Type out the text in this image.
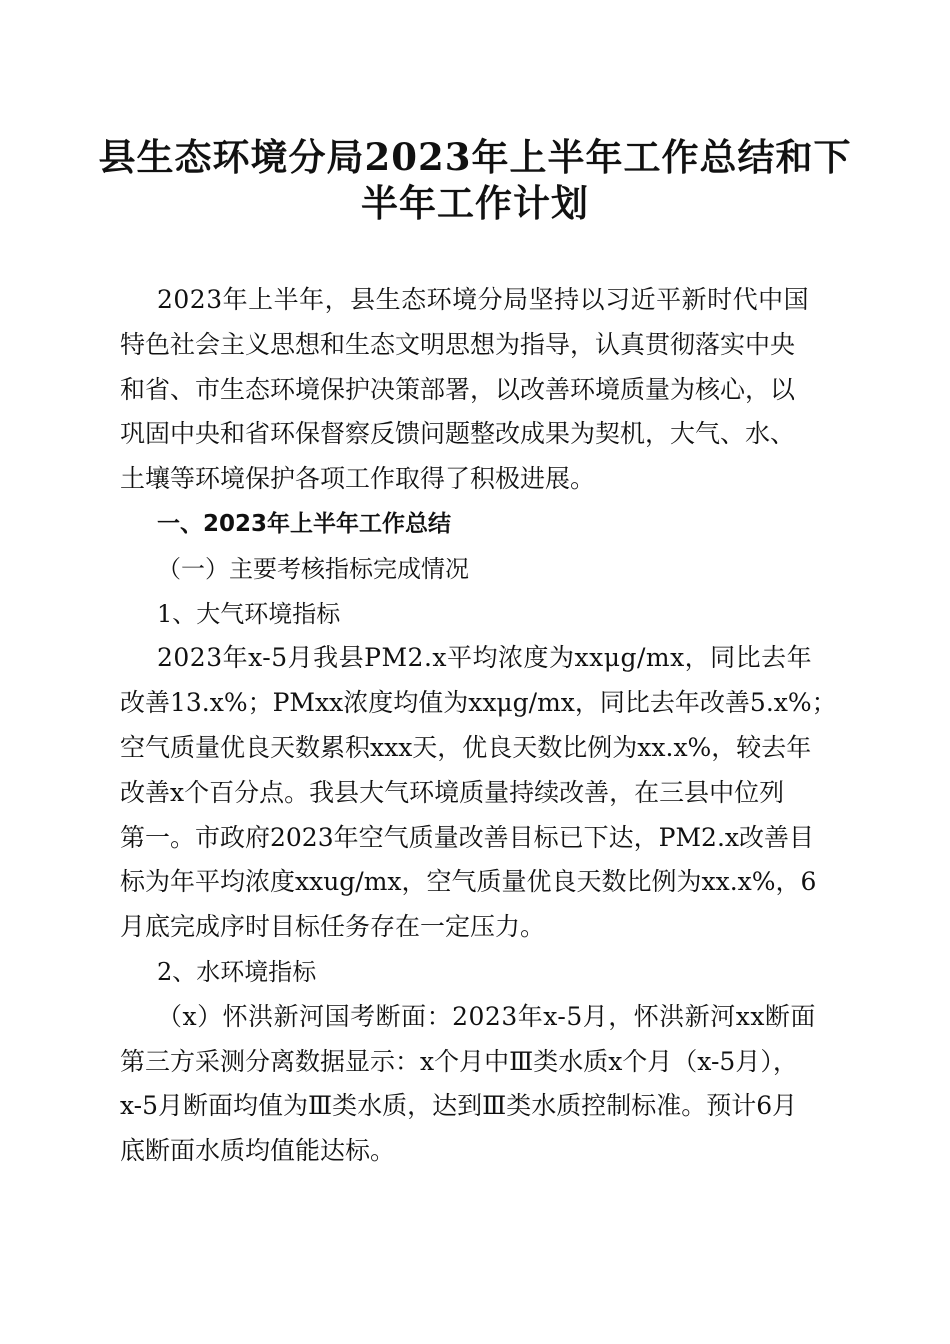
县生态环境分局2023年上半年工作总结和下
半年工作计划

2023年上半年，县生态环境分局坚持以习近平新时代中国

特色社会主义思想和生态文明思想为指导，认真贯彻落实中央
和省、市生态环境保护决策部署，以改善环境质量为核心，以
巩固中央和省环保督察反馈问题整改成果为契机，大气、水、
土壤等环境保护各项工作取得了积极进展。

一、2023年上半年工作总结

（一）主要考核指标完成情况

1、大气环境指标

2023年x-5月我县PM2.x平均浓度为xxμg/mx，同比去年

改善13.x%；PMxx浓度均值为xxμg/mx，同比去年改善5.x%；
空气质量优良天数累积xxx天，优良天数比例为xx.x%，较去年
改善x个百分点。我县大气环境质量持续改善，在三县中位列
第一。市政府2023年空气质量改善目标已下达，PM2.x改善目
标为年平均浓度xxug/mx，空气质量优良天数比例为xx.x%，6
月底完成序时目标任务存在一定压力。

2、水环境指标

（x）怀洪新河国考断面：2023年x-5月，怀洪新河xx断面

第三方采测分离数据显示：x个月中Ⅲ类水质x个月（x-5月），
x-5月断面均值为Ⅲ类水质，达到Ⅲ类水质控制标准。预计6月
底断面水质均值能达标。
